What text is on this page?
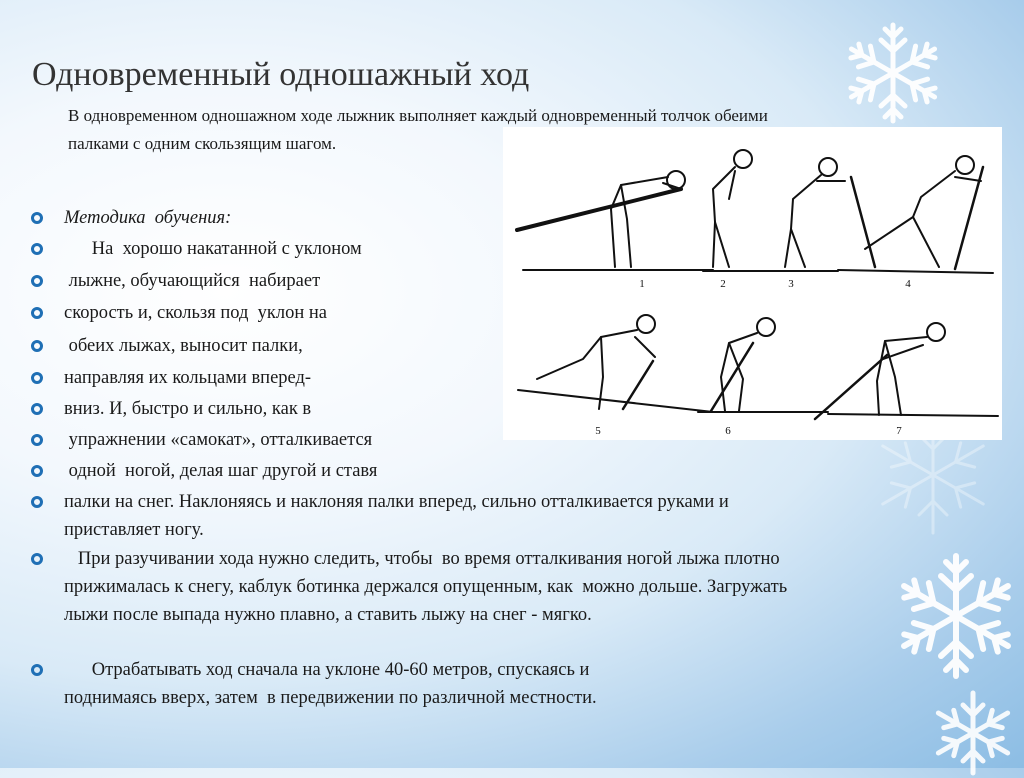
Одновременный одношажный ход

В одновременном одношажном ходе лыжник выполняет каждый одновременный толчок обеими палками с одним скользящим шагом.

1	2	3	4
5	6	7
Методика  обучения:
На  хорошо накатанной с уклоном
лыжне, обучающийся  набирает
скорость и, скользя под  уклон на
обеих лыжах, выносит палки,
направляя их кольцами вперед-
вниз. И, быстро и сильно, как в
упражнении «самокат», отталкивается
одной  ногой, делая шаг другой и ставя
палки на снег. Наклоняясь и наклоняя палки вперед, сильно отталкивается руками и приставляет ногу.
При разучивании хода нужно следить, чтобы  во время отталкивания ногой лыжа плотно прижималась к снегу, каблук ботинка держался опущенным, как  можно дольше. Загружать лыжи после выпада нужно плавно, а ставить лыжу на снег - мягко.
Отрабатывать ход сначала на уклоне 40-60 метров, спускаясь и поднимаясь вверх, затем  в передвижении по различной местности.
